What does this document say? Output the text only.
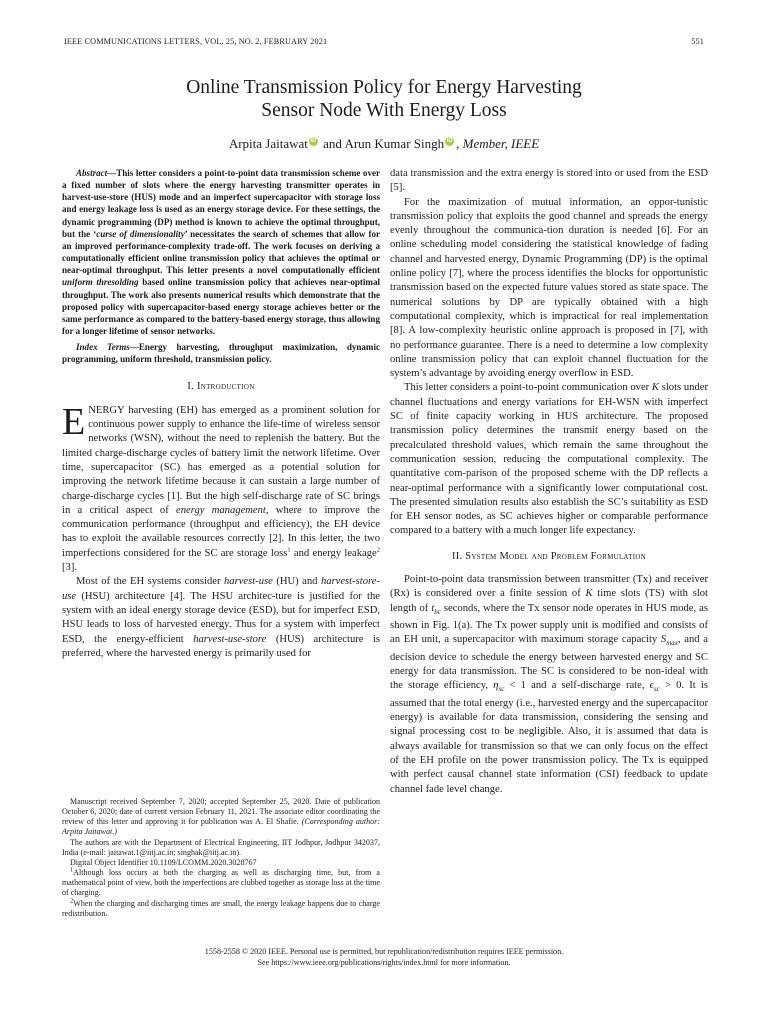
IEEE COMMUNICATIONS LETTERS, VOL. 25, NO. 2, FEBRUARY 2021	551
Online Transmission Policy for Energy Harvesting
Sensor Node With Energy Loss
Arpita Jaitawat iD and Arun Kumar Singh iD , Member, IEEE

Abstract—This letter considers a point-to-point data transmission scheme over a fixed number of slots where the energy harvesting transmitter operates in harvest-use-store (HUS) mode and an imperfect supercapacitor with storage loss and energy leakage loss is used as an energy storage device. For these settings, the dynamic programming (DP) method is known to achieve the optimal throughput, but the ‘curse of dimensionality’ necessitates the search of schemes that allow for an improved performance-complexity trade-off. The work focuses on deriving a computationally efficient online transmission policy that achieves the optimal or near-optimal throughput. This letter presents a novel computationally efficient uniform thresolding based online transmission policy that achieves near-optimal throughput. The work also presents numerical results which demonstrate that the proposed policy with supercapacitor-based energy storage achieves better or the same performance as compared to the battery-based energy storage, thus allowing for a longer lifetime of sensor networks.

Index Terms—Energy harvesting, throughput maximization, dynamic programming, uniform threshold, transmission policy.

I. Introduction

ENERGY harvesting (EH) has emerged as a prominent solution for continuous power supply to enhance the life-time of wireless sensor networks (WSN), without the need to replenish the battery. But the limited charge-discharge cycles of battery limit the network lifetime. Over time, supercapacitor (SC) has emerged as a potential solution for improving the network lifetime because it can sustain a large number of charge-discharge cycles [1]. But the high self-discharge rate of SC brings in a critical aspect of energy management, where to improve the communication performance (throughput and efficiency), the EH device has to exploit the available resources correctly [2]. In this letter, the two imperfections considered for the SC are storage loss$^1$ and energy leakage$^2$ [3].

Most of the EH systems consider harvest-use (HU) and harvest-store-use (HSU) architecture [4]. The HSU architec-ture is justified for the system with an ideal energy storage device (ESD), but for imperfect ESD, HSU leads to loss of harvested energy. Thus for a system with imperfect ESD, the energy-efficient harvest-use-store (HUS) architecture is preferred, where the harvested energy is primarily used for

Manuscript received September 7, 2020; accepted September 25, 2020. Date of publication October 6, 2020; date of current version February 11, 2021. The associate editor coordinating the review of this letter and approving it for publication was A. El Shafie. (Corresponding author: Arpita Jaitawat.)

The authors are with the Department of Electrical Engineering, IIT Jodhpur, Jodhpur 342037, India (e-mail: jaitawat.1@iitj.ac.in; singhak@iitj.ac.in).

Digital Object Identifier 10.1109/LCOMM.2020.3028767

$^1$Although loss occurs at both the charging as well as discharging time, but, from a mathematical point of view, both the imperfections are clubbed together as storage loss at the time of charging.

$^2$When the charging and discharging times are small, the energy leakage happens due to charge redistribution.

data transmission and the extra energy is stored into or used from the ESD [5].

For the maximization of mutual information, an oppor-tunistic transmission policy that exploits the good channel and spreads the energy evenly throughout the communica-tion duration is needed [6]. For an online scheduling model considering the statistical knowledge of fading channel and harvested energy, Dynamic Programming (DP) is the optimal online policy [7], where the process identifies the blocks for opportunistic transmission based on the expected future values stored as state space. The numerical solutions by DP are typically obtained with a high computational complexity, which is impractical for real implementation [8]. A low-complexity heuristic online approach is proposed in [7], with no performance guarantee. There is a need to determine a low complexity online transmission policy that can exploit channel fluctuation for the system’s advantage by avoiding energy overflow in ESD.

This letter considers a point-to-point communication over K slots under channel fluctuations and energy variations for EH-WSN with imperfect SC of finite capacity working in HUS architecture. The proposed transmission policy determines the transmit energy based on the precalculated threshold values, which remain the same throughout the communication session, reducing the computational complexity. The quantitative com-parison of the proposed scheme with the DP reflects a near-optimal performance with a significantly lower computational cost. The presented simulation results also establish the SC’s suitability as ESD for EH sensor nodes, as SC achieves higher or comparable performance compared to a battery with a much longer life expectancy.

II. System Model and Problem Formulation

Point-to-point data transmission between transmitter (Tx) and receiver (Rx) is considered over a finite session of K time slots (TS) with slot length of $t_{bc}$ seconds, where the Tx sensor node operates in HUS mode, as shown in Fig. 1(a). The Tx power supply unit is modified and consists of an EH unit, a supercapacitor with maximum storage capacity $S_{max}$, and a decision device to schedule the energy between harvested energy and SC energy for data transmission. The SC is considered to be non-ideal with the storage efficiency, $\eta_{sc} < 1$ and a self-discharge rate, $\epsilon_{sc} > 0$. It is assumed that the total energy (i.e., harvested energy and the supercapacitor energy) is available for data transmission, considering the sensing and signal processing cost to be negligible. Also, it is assumed that data is always available for transmission so that we can only focus on the effect of the EH profile on the power transmission policy. The Tx is equipped with perfect causal channel state information (CSI) feedback to update channel fade level change.

1558-2558 © 2020 IEEE. Personal use is permitted, but republication/redistribution requires IEEE permission.
See https://www.ieee.org/publications/rights/index.html for more information.
